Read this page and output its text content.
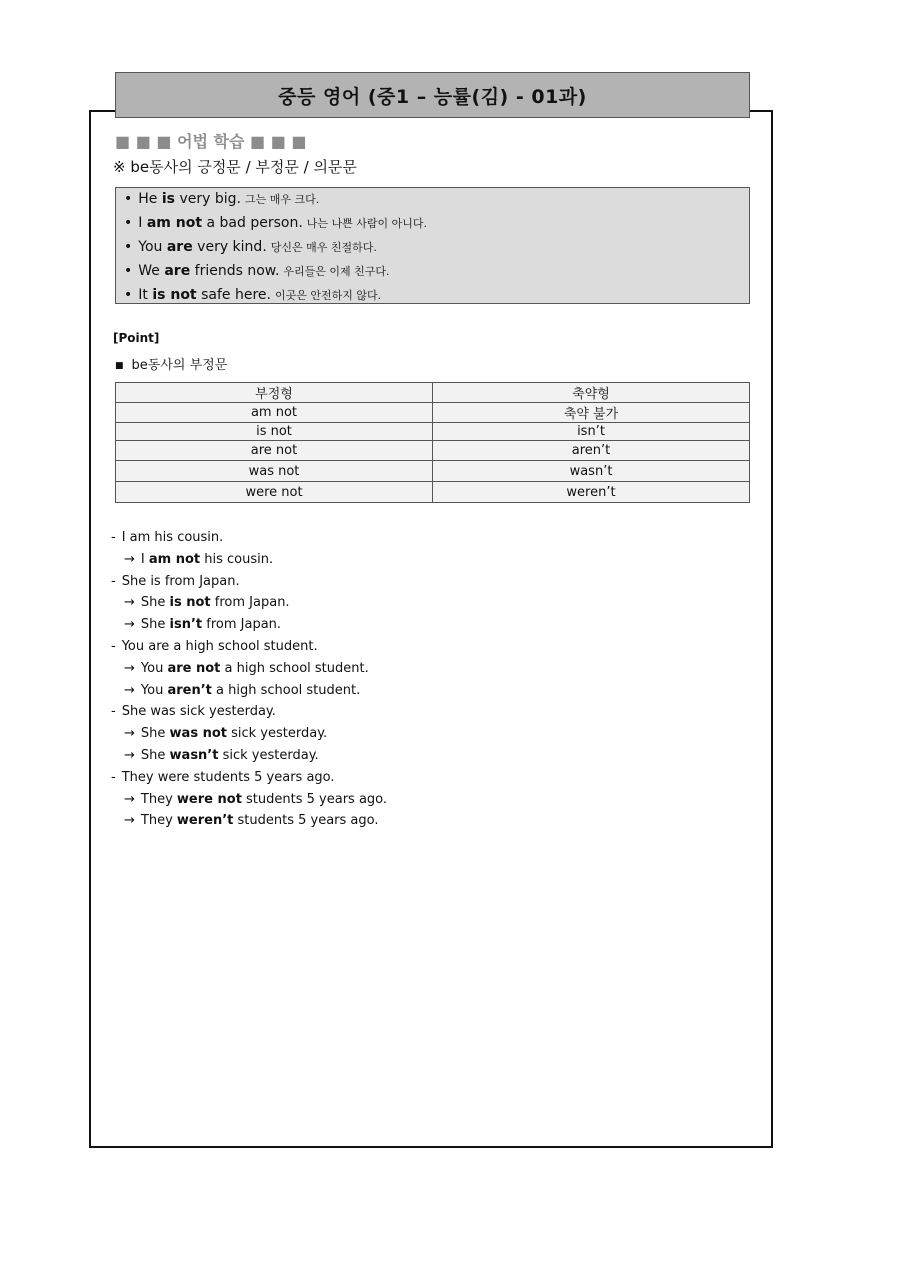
중등 영어 (중1 – 능률(김) - 01과)
■ ■ ■ 어법 학습 ■ ■ ■
※ be동사의 긍정문 / 부정문 / 의문문
• He is very big. 그는 매우 크다.
• I am not a bad person. 나는 나쁜 사람이 아니다.
• You are very kind. 당신은 매우 친절하다.
• We are friends now. 우리들은 이제 친구다.
• It is not safe here. 이곳은 안전하지 않다.
[Point]
■ be동사의 부정문
부정형	축약형
am not	축약 불가
is not	isn’t
are not	aren’t
was not	wasn’t
were not	weren’t
- I am his cousin.
→ I am not his cousin.
- She is from Japan.
→ She is not from Japan.
→ She isn’t from Japan.
- You are a high school student.
→ You are not a high school student.
→ You aren’t a high school student.
- She was sick yesterday.
→ She was not sick yesterday.
→ She wasn’t sick yesterday.
- They were students 5 years ago.
→ They were not students 5 years ago.
→ They weren’t students 5 years ago.
